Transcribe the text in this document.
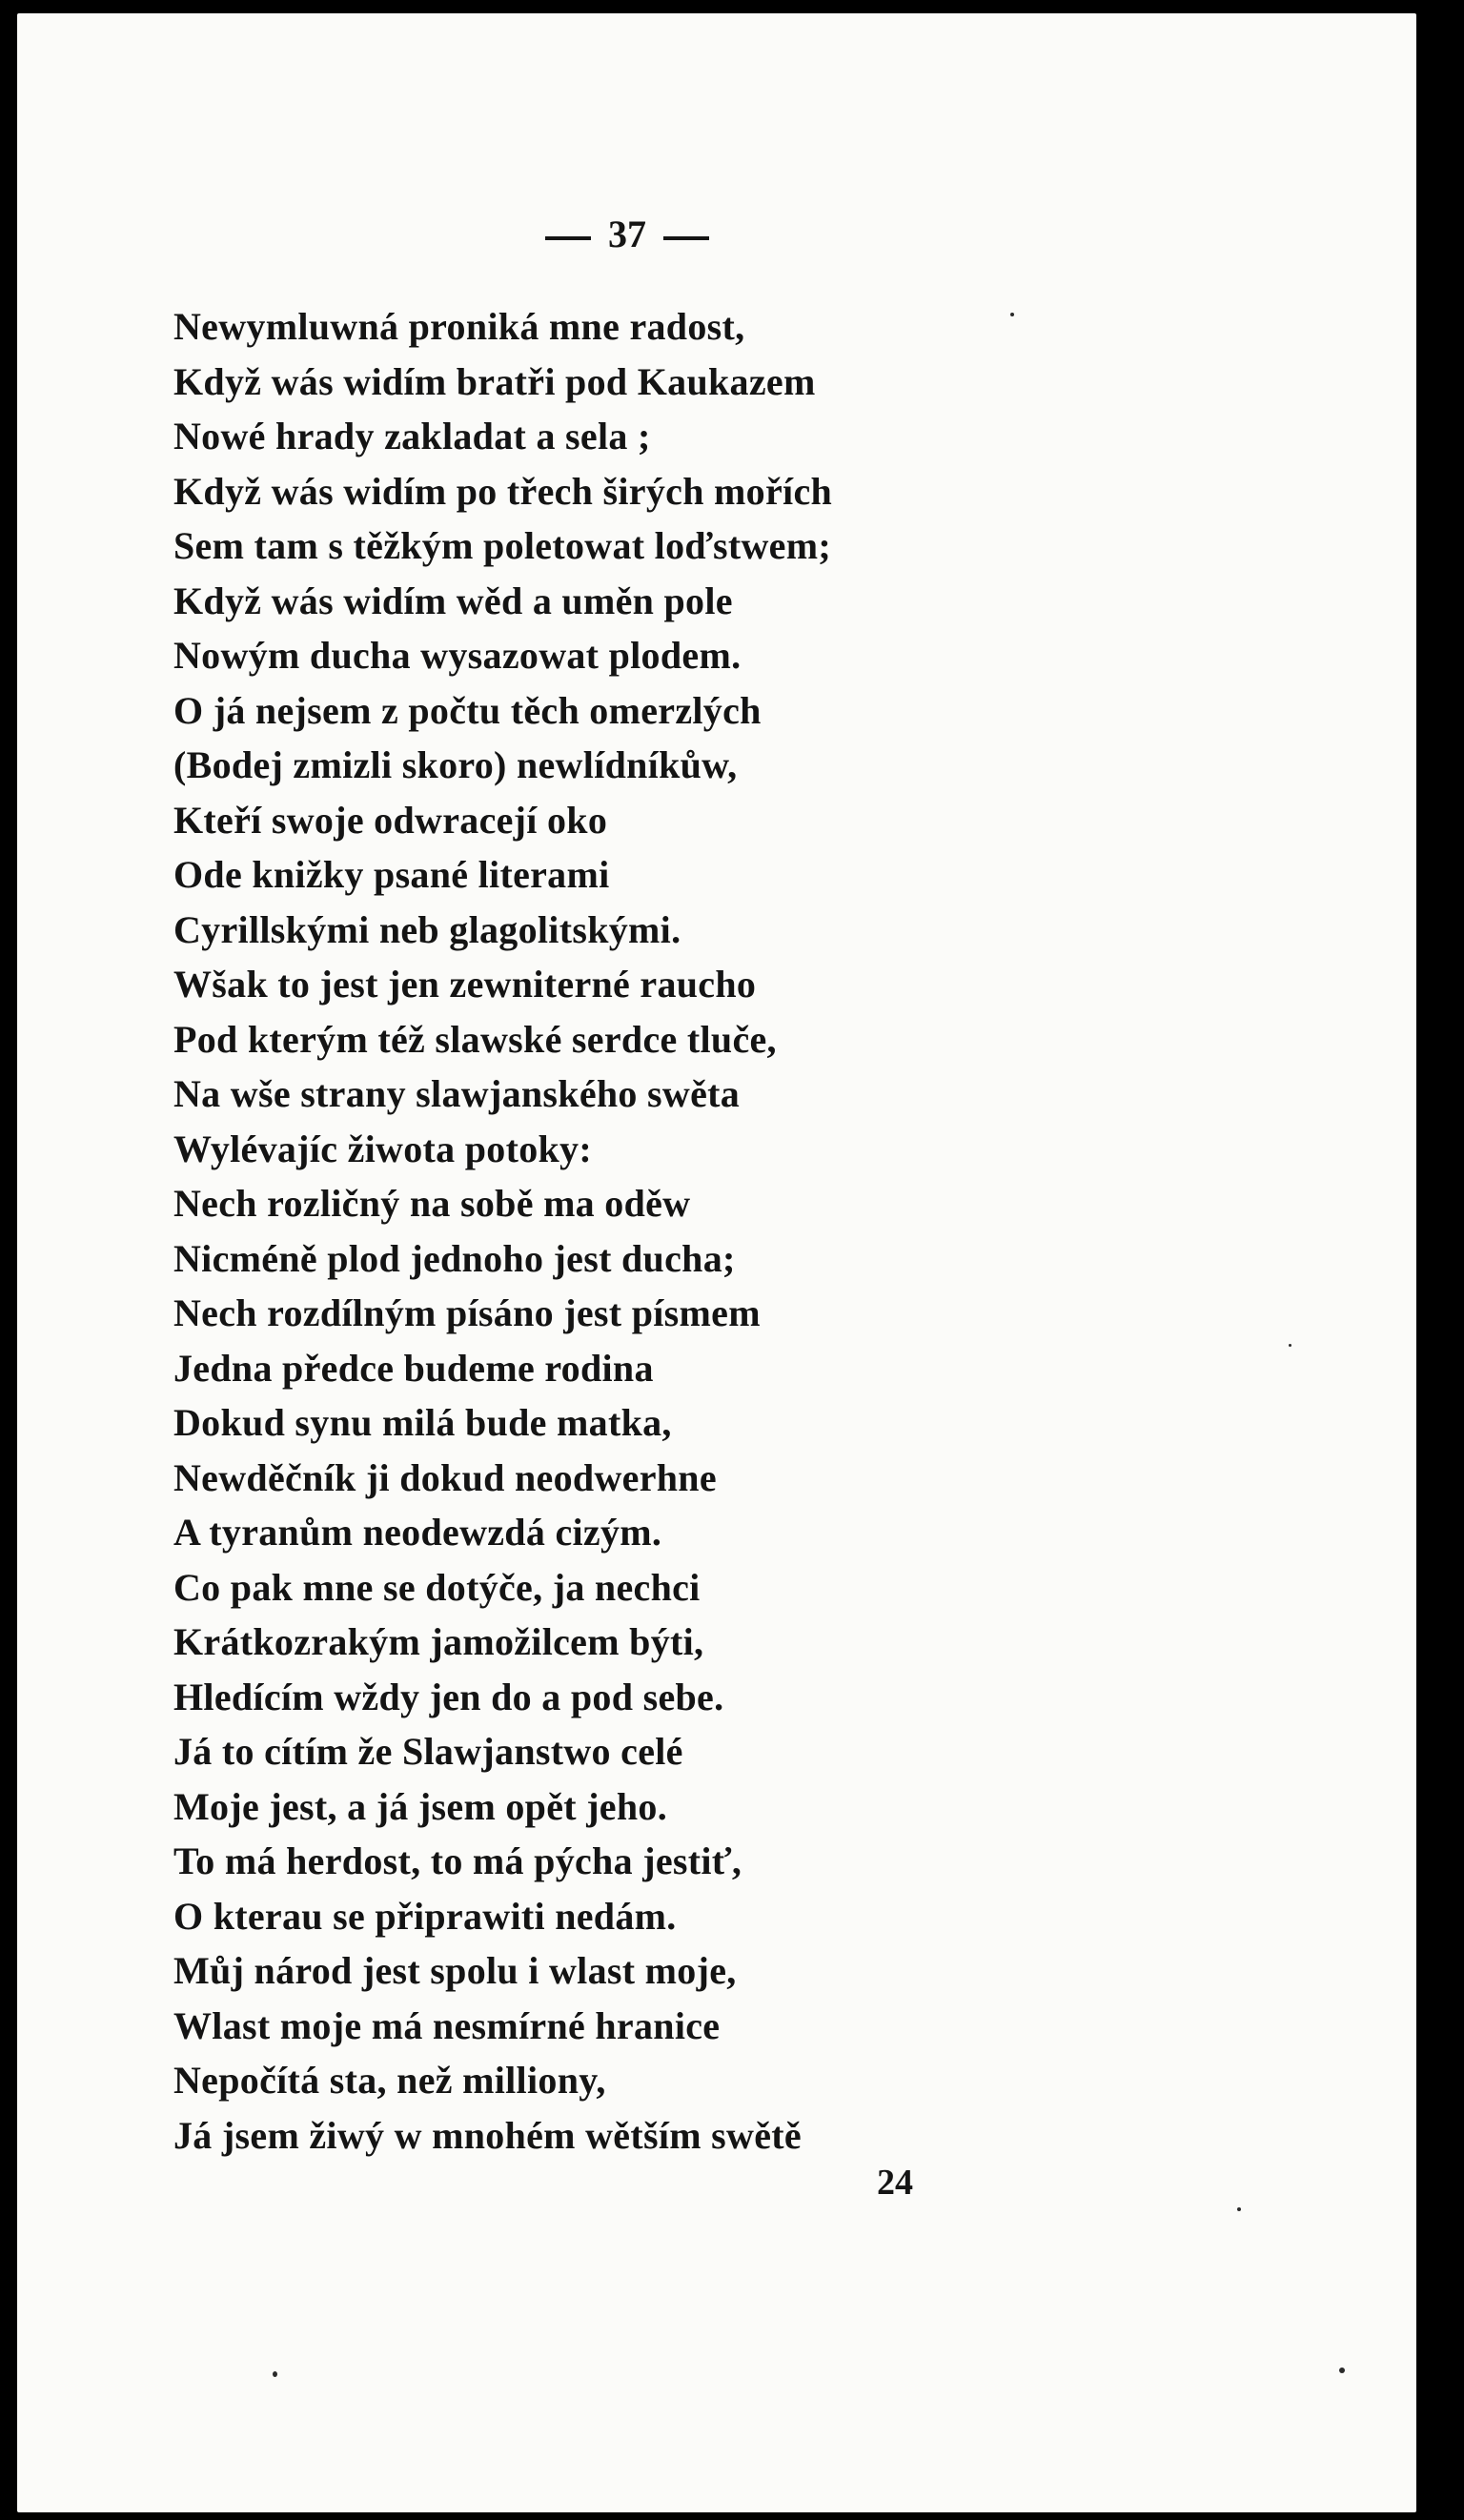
37
Newymluwná proniká mne radost,
Když wás widím bratři pod Kaukazem
Nowé hrady zakladat a sela ;
Když wás widím po třech širých mořích
Sem tam s těžkým poletowat loďstwem;
Když wás widím wěd a uměn pole
Nowým ducha wysazowat plodem.
O já nejsem z počtu těch omerzlých
(Bodej zmizli skoro) newlídníkůw,
Kteří swoje odwracejí oko
Ode knižky psané literami
Cyrillskými neb glagolitskými.
Wšak to jest jen zewniterné raucho
Pod kterým též slawské serdce tluče,
Na wše strany slawjanského swěta
Wylévajíc žiwota potoky:
Nech rozličný na sobě ma oděw
Nicméně plod jednoho jest ducha;
Nech rozdílným písáno jest písmem
Jedna předce budeme rodina
Dokud synu milá bude matka,
Newděčník ji dokud neodwerhne
A tyranům neodewzdá cizým.
Co pak mne se dotýče, ja nechci
Krátkozrakým jamožilcem býti,
Hledícím wždy jen do a pod sebe.
Já to cítím že Slawjanstwo celé
Moje jest, a já jsem opět jeho.
To má herdost, to má pýcha jestiť,
O kterau se připrawiti nedám.
Můj národ jest spolu i wlast moje,
Wlast moje má nesmírné hranice
Nepočítá sta, než milliony,
Já jsem žiwý w mnohém wětším swětě
24
